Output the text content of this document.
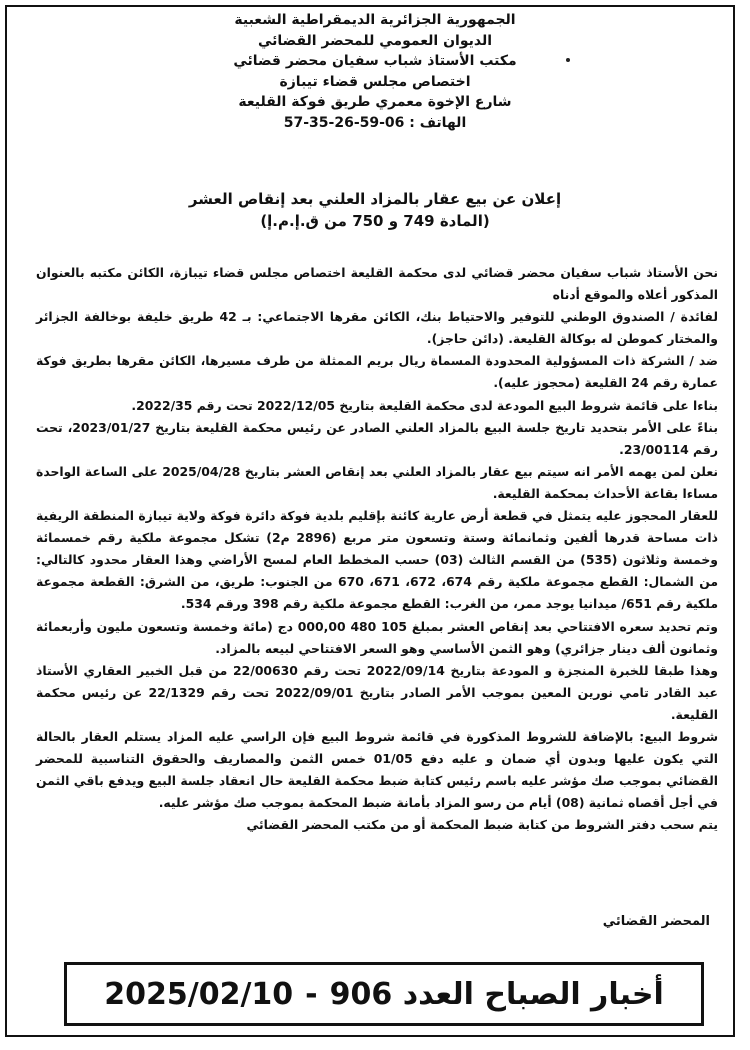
الجمهورية الجزائرية الديمقراطية الشعبية
الديوان العمومي للمحضر القضائي
مكتب الأستاذ شباب سفيان محضر قضائي
اختصاص مجلس قضاء تيبازة
شارع الإخوة معمري طريق فوكة القليعة
الهاتف : 06-59-26-35-57
إعلان عن بيع عقار بالمزاد العلني بعد إنقاص العشر
(المادة 749 و 750 من ق.إ.م.إ)

نحن الأستاذ شباب سفيان محضر قضائي لدى محكمة القليعة اختصاص مجلس قضاء تيبازة، الكائن مكتبه بالعنوان المذكور أعلاه والموقع أدناه

لفائدة / الصندوق الوطني للتوفير والاحتياط بنك، الكائن مقرها الاجتماعي: بـ 42 طريق خليفة بوخالفة الجزائر والمختار كموطن له بوكالة القليعة. (دائن حاجز).

ضد / الشركة ذات المسؤولية المحدودة المسماة ريال بريم الممثلة من طرف مسيرها، الكائن مقرها بطريق فوكة عمارة رقم 24 القليعة (محجوز عليه).

بناءا على قائمة شروط البيع المودعة لدى محكمة القليعة بتاريخ 2022/12/05 تحت رقم 2022/35.

بناءً على الأمر بتحديد تاريخ جلسة البيع بالمزاد العلني الصادر عن رئيس محكمة القليعة بتاريخ 2023/01/27، تحت رقم 23/00114.

نعلن لمن يهمه الأمر انه سيتم بيع عقار بالمزاد العلني بعد إنقاص العشر بتاريخ 2025/04/28 على الساعة الواحدة مساءا بقاعة الأحداث بمحكمة القليعة.

للعقار المحجوز عليه يتمثل في قطعة أرض عارية كائنة بإقليم بلدية فوكة دائرة فوكة ولاية تيبازة المنطقة الريفية ذات مساحة قدرها ألفين وثمانمائة وستة وتسعون متر مربع (2896 م2) تشكل مجموعة ملكية رقم خمسمائة وخمسة وثلاثون (535) من القسم الثالث (03) حسب المخطط العام لمسح الأراضي وهذا العقار محدود كالتالي: من الشمال: القطع مجموعة ملكية رقم 674، 672، 671، 670 من الجنوب: طريق، من الشرق: القطعة مجموعة ملكية رقم 651/ ميدانيا يوجد ممر، من الغرب: القطع مجموعة ملكية رقم 398 ورقم 534.

وتم تحديد سعره الافتتاحي بعد إنقاص العشر بمبلغ 105 480 000,00 دج (مائة وخمسة وتسعون مليون وأربعمائة وثمانون ألف دينار جزائري) وهو الثمن الأساسي وهو السعر الافتتاحي لبيعه بالمزاد.

وهذا طبقا للخبرة المنجزة و المودعة بتاريخ 2022/09/14 تحت رقم 22/00630 من قبل الخبير العقاري الأستاذ عبد القادر تامي نورين المعين بموجب الأمر الصادر بتاريخ 2022/09/01 تحت رقم 22/1329 عن رئيس محكمة القليعة.

شروط البيع: بالإضافة للشروط المذكورة في قائمة شروط البيع فإن الراسي عليه المزاد يستلم العقار بالحالة التي يكون عليها وبدون أي ضمان و عليه دفع 01/05 خمس الثمن والمصاريف والحقوق التناسبية للمحضر القضائي بموجب صك مؤشر عليه باسم رئيس كتابة ضبط محكمة القليعة حال انعقاد جلسة البيع ويدفع باقي الثمن في أجل أقصاه ثمانية (08) أيام من رسو المزاد بأمانة ضبط المحكمة بموجب صك مؤشر عليه.

يتم سحب دفتر الشروط من كتابة ضبط المحكمة أو من مكتب المحضر القضائي

المحضر القضائي
أخبار الصباح

العدد

906
-
2025/02/10
